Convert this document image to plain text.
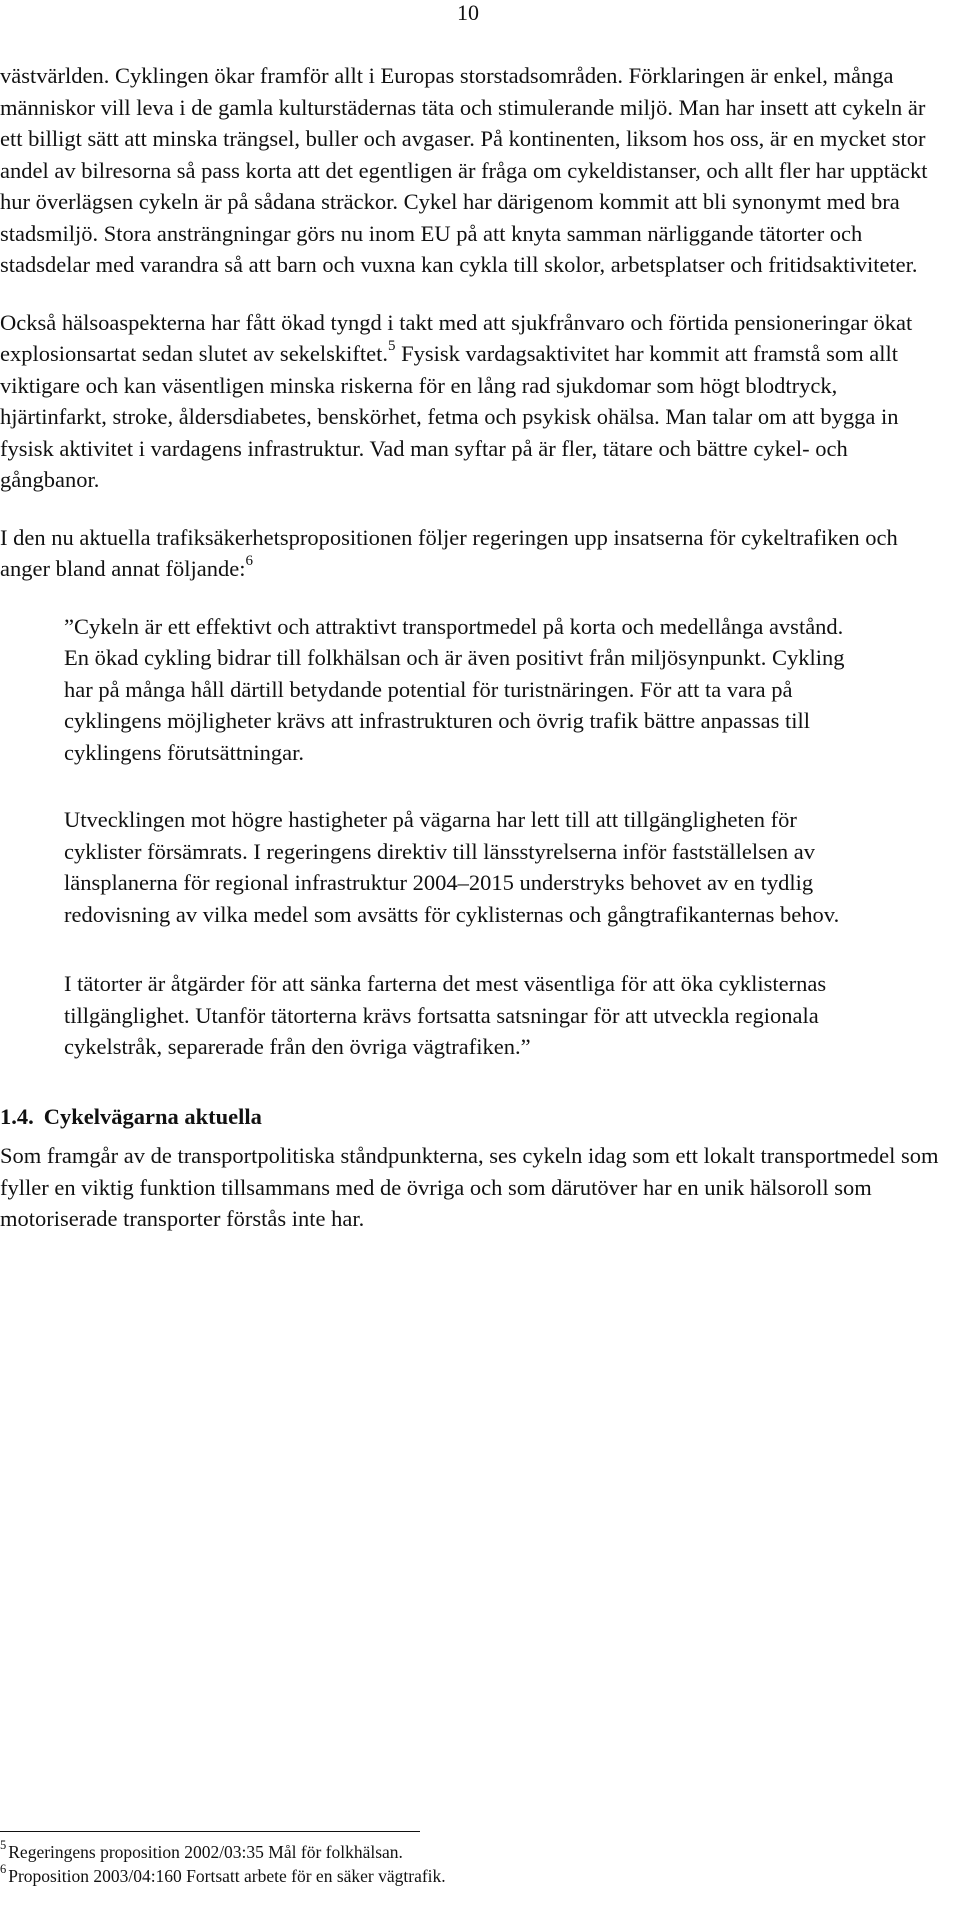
10

västvärlden. Cyklingen ökar framför allt i Europas storstadsområden. Förklaringen är enkel, många människor vill leva i de gamla kulturstädernas täta och stimulerande miljö. Man har insett att cykeln är ett billigt sätt att minska trängsel, buller och avgaser. På kontinenten, liksom hos oss, är en mycket stor andel av bilresorna så pass korta att det egentligen är fråga om cykeldistanser, och allt fler har upptäckt hur överlägsen cykeln är på sådana sträckor. Cykel har därigenom kommit att bli synonymt med bra stadsmiljö. Stora ansträngningar görs nu inom EU på att knyta samman närliggande tätorter och stadsdelar med varandra så att barn och vuxna kan cykla till skolor, arbetsplatser och fritidsaktiviteter.

Också hälsoaspekterna har fått ökad tyngd i takt med att sjukfrånvaro och förtida pensioneringar ökat explosionsartat sedan slutet av sekelskiftet.$^5$ Fysisk vardagsaktivitet har kommit att framstå som allt viktigare och kan väsentligen minska riskerna för en lång rad sjukdomar som högt blodtryck, hjärtinfarkt, stroke, åldersdiabetes, benskörhet, fetma och psykisk ohälsa. Man talar om att bygga in fysisk aktivitet i vardagens infrastruktur. Vad man syftar på är fler, tätare och bättre cykel- och gångbanor.

I den nu aktuella trafiksäkerhetspropositionen följer regeringen upp insatserna för cykeltrafiken och anger bland annat följande:$^6$

”Cykeln är ett effektivt och attraktivt transportmedel på korta och medellånga avstånd. En ökad cykling bidrar till folkhälsan och är även positivt från miljösynpunkt. Cykling har på många håll därtill betydande potential för turistnäringen. För att ta vara på cyklingens möjligheter krävs att infrastrukturen och övrig trafik bättre anpassas till cyklingens förutsättningar.

Utvecklingen mot högre hastigheter på vägarna har lett till att tillgängligheten för cyklister försämrats. I regeringens direktiv till länsstyrelserna inför fastställelsen av länsplanerna för regional infrastruktur 2004–2015 understryks behovet av en tydlig redovisning av vilka medel som avsätts för cyklisternas och gångtrafikanternas behov.

I tätorter är åtgärder för att sänka farterna det mest väsentliga för att öka cyklisternas tillgänglighet. Utanför tätorterna krävs fortsatta satsningar för att utveckla regionala cykelstråk, separerade från den övriga vägtrafiken.”

1.4. Cykelvägarna aktuella

Som framgår av de transportpolitiska ståndpunkterna, ses cykeln idag som ett lokalt transportmedel som fyller en viktig funktion tillsammans med de övriga och som därutöver har en unik hälsoroll som motoriserade transporter förstås inte har.

$^5$ Regeringens proposition 2002/03:35 Mål för folkhälsan.
$^6$ Proposition 2003/04:160 Fortsatt arbete för en säker vägtrafik.
